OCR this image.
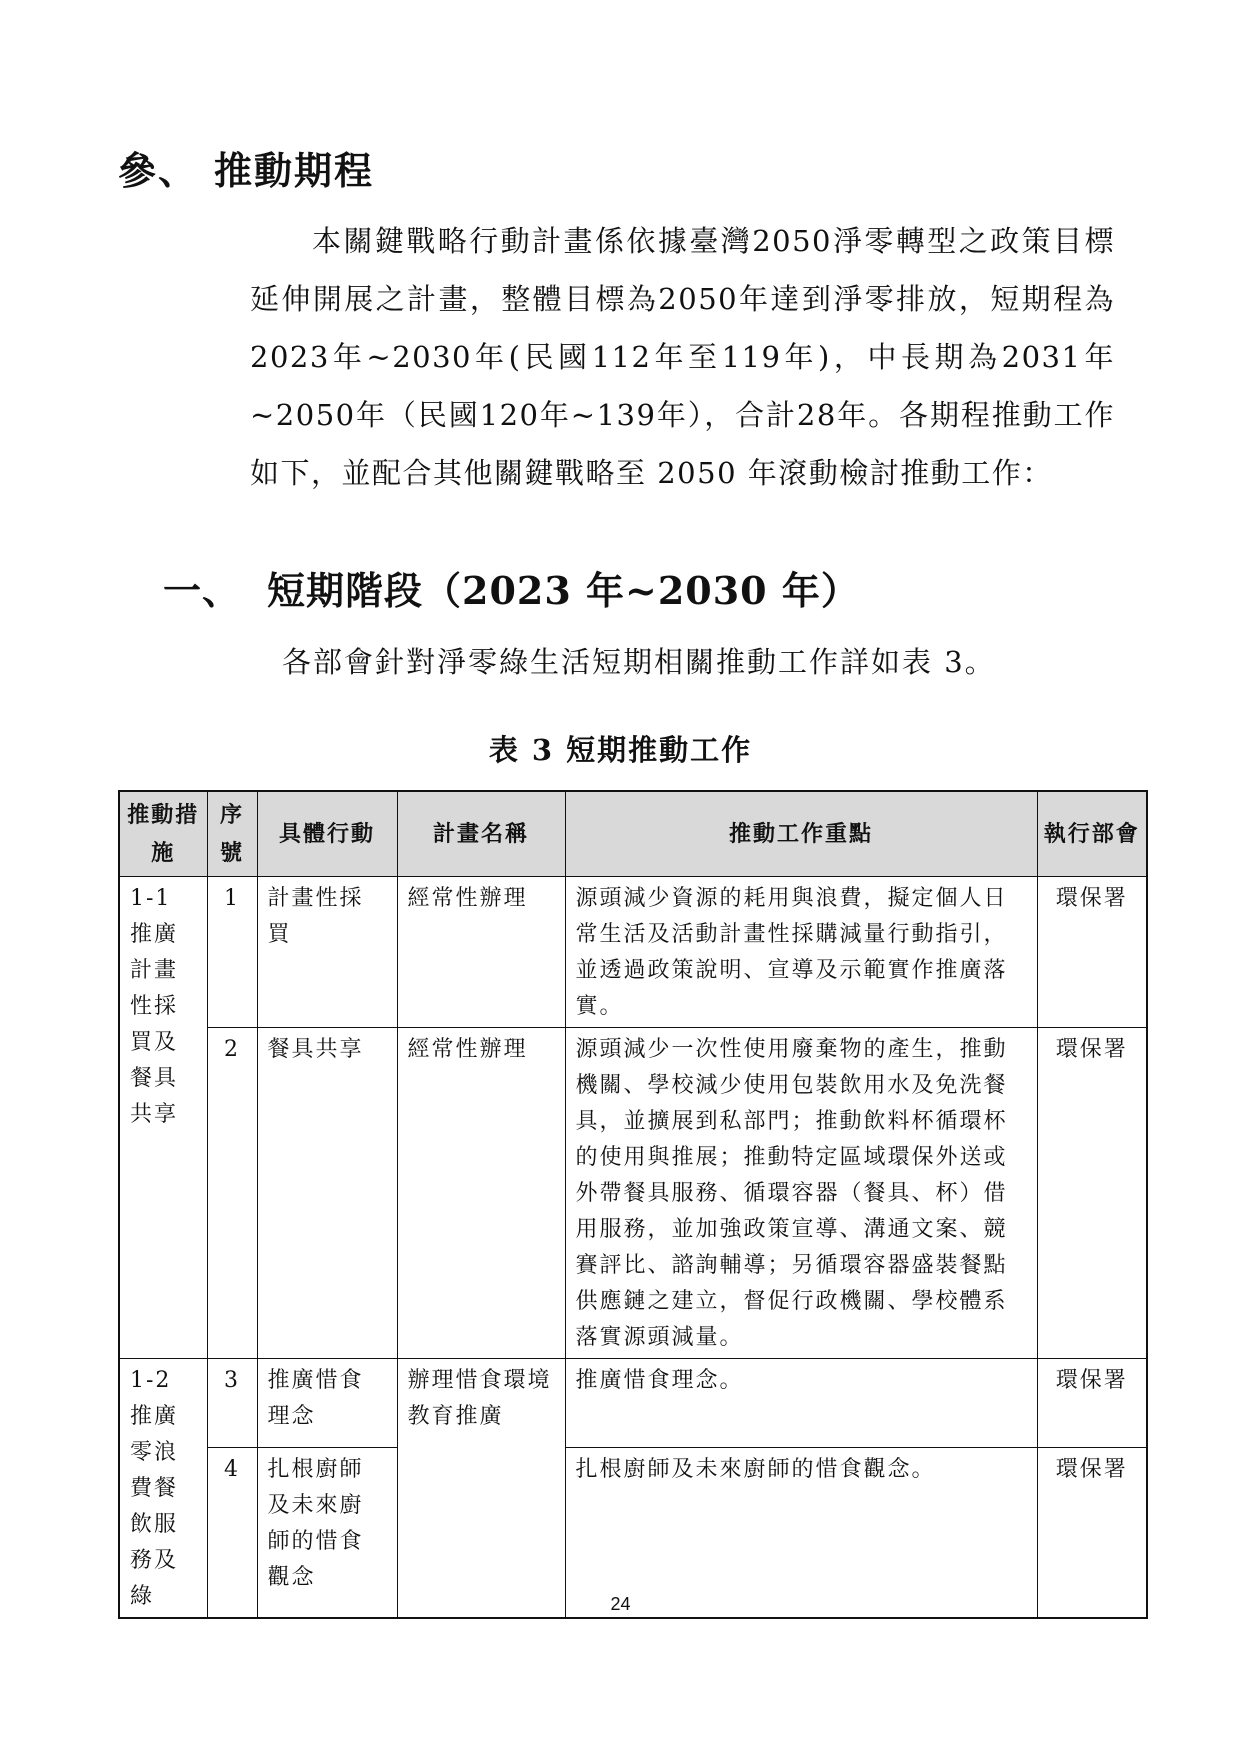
參、 推動期程

本關鍵戰略行動計畫係依據臺灣2050淨零轉型之政策目標延伸開展之計畫，整體目標為2050年達到淨零排放，短期程為2023年~2030年(民國112年至119年)，中長期為2031年~2050年（民國120年~139年），合計28年。各期程推動工作如下，並配合其他關鍵戰略至 2050 年滾動檢討推動工作：

一、 短期階段（2023 年~2030 年）

各部會針對淨零綠生活短期相關推動工作詳如表 3。

表 3 短期推動工作

推動措施	序號	具體行動	計畫名稱	推動工作重點	執行部會
1-1 推廣計畫性採買及餐具共享	1	計畫性採買	經常性辦理	源頭減少資源的耗用與浪費，擬定個人日常生活及活動計畫性採購減量行動指引，並透過政策說明、宣導及示範實作推廣落實。	環保署
	2	餐具共享	經常性辦理	源頭減少一次性使用廢棄物的產生，推動機關、學校減少使用包裝飲用水及免洗餐具，並擴展到私部門；推動飲料杯循環杯的使用與推展；推動特定區域環保外送或外帶餐具服務、循環容器（餐具、杯）借用服務，並加強政策宣導、溝通文案、競賽評比、諮詢輔導；另循環容器盛裝餐點供應鏈之建立，督促行政機關、學校體系落實源頭減量。	環保署
1-2 推廣零浪費餐飲服務及綠	3	推廣惜食理念	辦理惜食環境教育推廣	推廣惜食理念。	環保署
	4	扎根廚師及未來廚師的惜食觀念		扎根廚師及未來廚師的惜食觀念。	環保署
24
